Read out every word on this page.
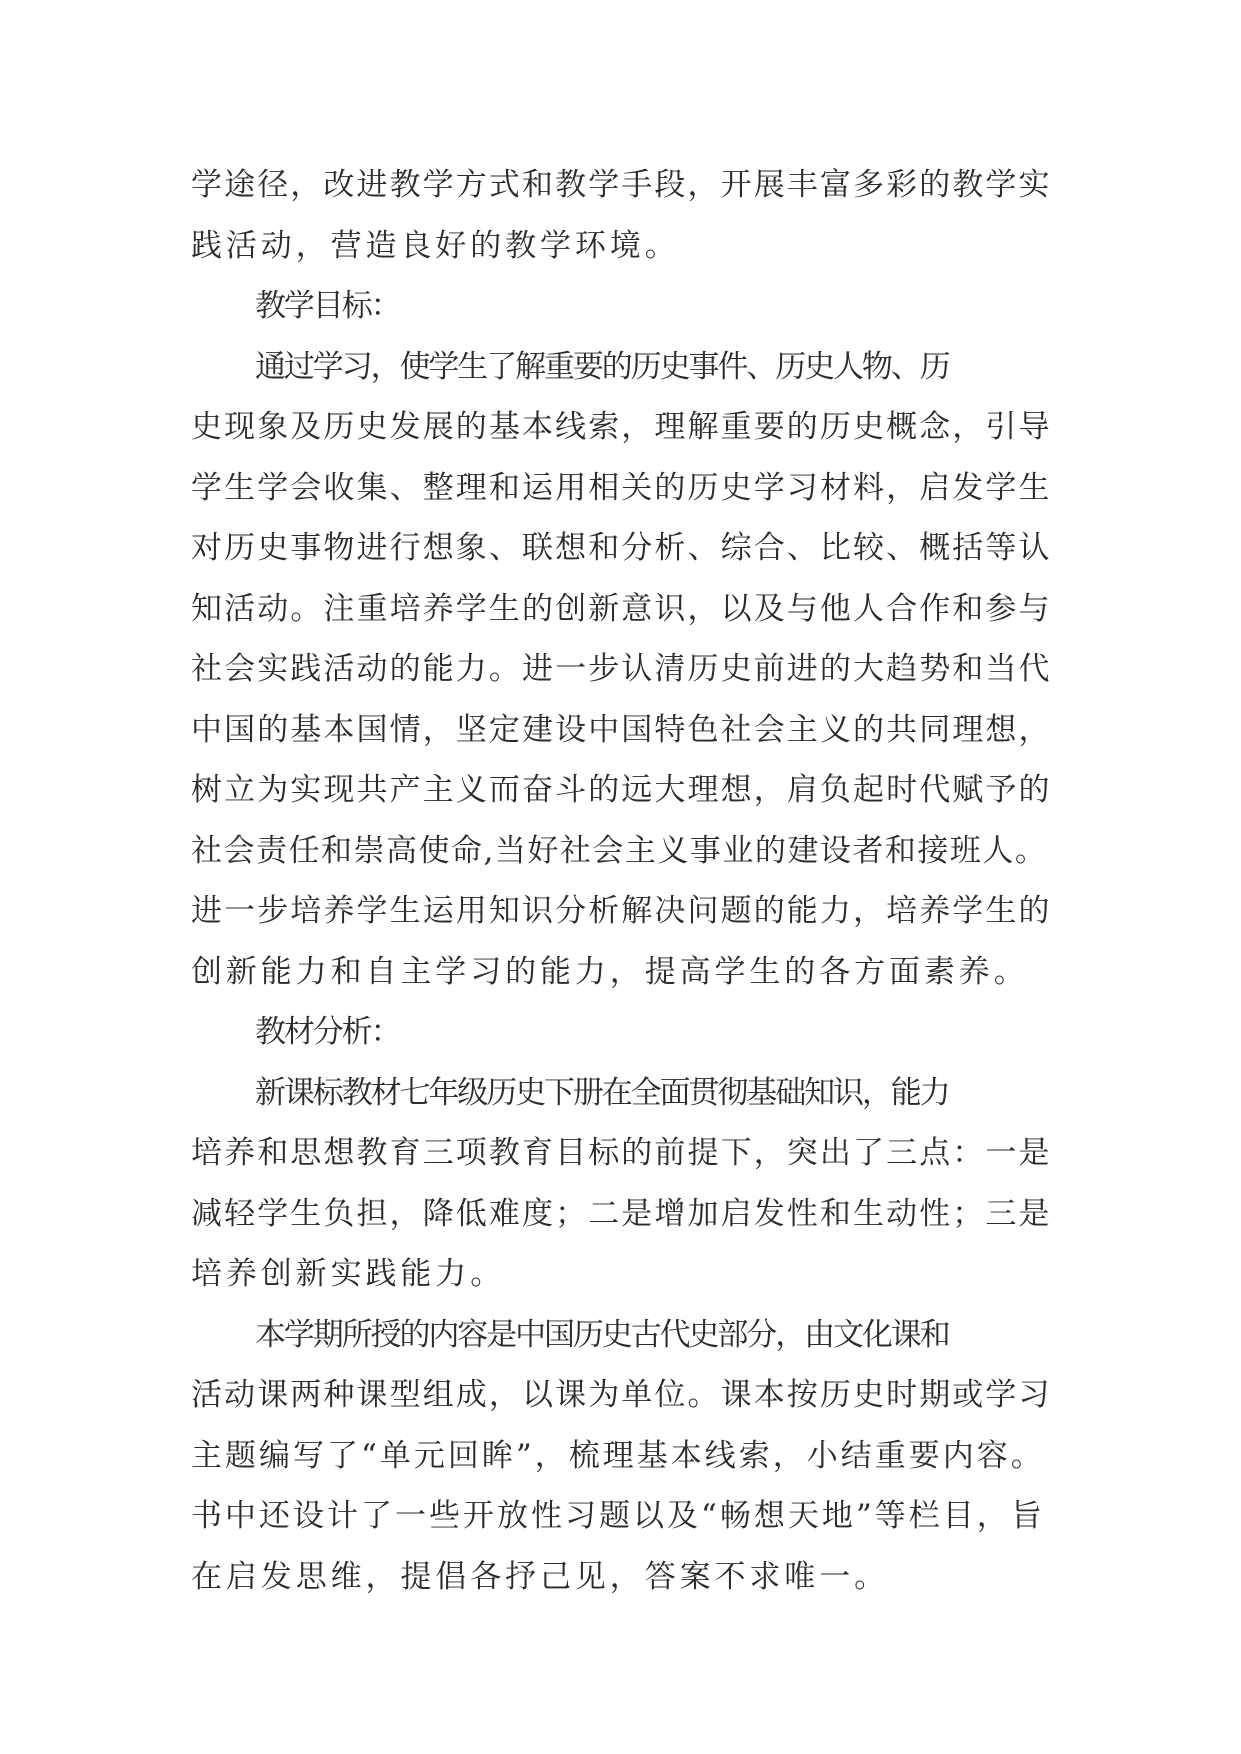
学途径，改进教学方式和教学手段，开展丰富多彩的教学实
践活动，营造良好的教学环境。
教学目标：
通过学习，使学生了解重要的历史事件、历史人物、历
史现象及历史发展的基本线索，理解重要的历史概念，引导
学生学会收集、整理和运用相关的历史学习材料，启发学生
对历史事物进行想象、联想和分析、综合、比较、概括等认
知活动。注重培养学生的创新意识，以及与他人合作和参与
社会实践活动的能力。进一步认清历史前进的大趋势和当代
中国的基本国情，坚定建设中国特色社会主义的共同理想，
树立为实现共产主义而奋斗的远大理想，肩负起时代赋予的
社会责任和崇高使命,当好社会主义事业的建设者和接班人。
进一步培养学生运用知识分析解决问题的能力，培养学生的
创新能力和自主学习的能力，提高学生的各方面素养。
教材分析：
新课标教材七年级历史下册在全面贯彻基础知识，能力
培养和思想教育三项教育目标的前提下，突出了三点：一是
减轻学生负担，降低难度；二是增加启发性和生动性；三是
培养创新实践能力。
本学期所授的内容是中国历史古代史部分，由文化课和
活动课两种课型组成，以课为单位。课本按历史时期或学习
主题编写了“单元回眸”，梳理基本线索，小结重要内容。
书中还设计了一些开放性习题以及“畅想天地”等栏目，旨
在启发思维，提倡各抒己见，答案不求唯一。
